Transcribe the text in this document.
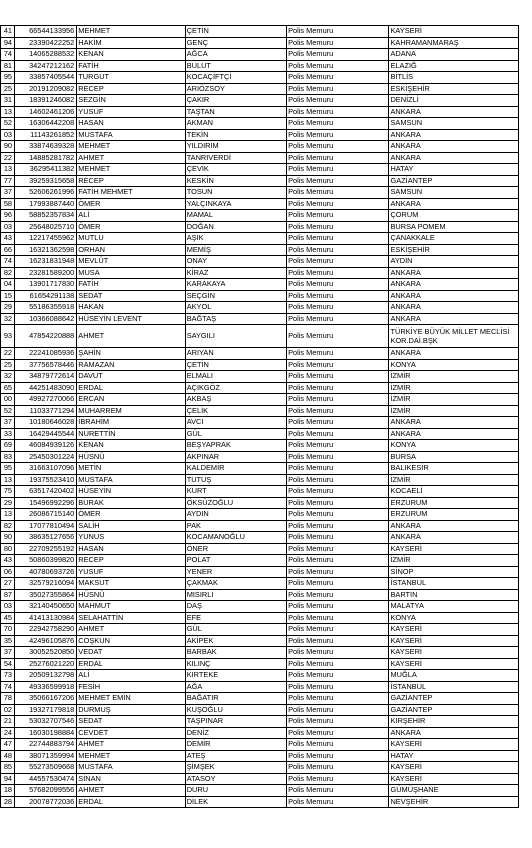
41	66544133956	MEHMET	ÇETİN	Polis Memuru	KAYSERİ
94	23390422252	HAKİM	GENÇ	Polis Memuru	KAHRAMANMARAŞ
74	14065288532	KENAN	AĞCA	Polis Memuru	ADANA
81	34247212162	FATİH	BULUT	Polis Memuru	ELAZIĞ
95	33857405544	TURGUT	KOCAÇİFTÇİ	Polis Memuru	BİTLİS
25	20191209082	RECEP	ARIÖZSOY	Polis Memuru	ESKİŞEHİR
31	18391246082	SEZGİN	ÇAKIR	Polis Memuru	DENİZLİ
13	14602461206	YUSUF	TAŞTAN	Polis Memuru	ANKARA
52	16306442208	HASAN	AKMAN	Polis Memuru	SAMSUN
03	11143261852	MUSTAFA	TEKİN	Polis Memuru	ANKARA
90	33874639328	MEHMET	YILDIRIM	Polis Memuru	ANKARA
22	14885281782	AHMET	TANRIVERDİ	Polis Memuru	ANKARA
13	36295411382	MEHMET	ÇEVİK	Polis Memuru	HATAY
77	39259315658	RECEP	KESKİN	Polis Memuru	GAZİANTEP
37	52606261996	FATİH MEHMET	TOSUN	Polis Memuru	SAMSUN
58	17993887440	ÖMER	YALÇINKAYA	Polis Memuru	ANKARA
96	58852357834	ALİ	MAMAL	Polis Memuru	ÇORUM
03	25648025710	ÖMER	DOĞAN	Polis Memuru	BURSA POMEM
43	12217455962	MUTLU	AŞIK	Polis Memuru	ÇANAKKALE
66	16321362598	ORHAN	MEMİŞ	Polis Memuru	ESKİŞEHİR
74	16231831948	MEVLÜT	ONAY	Polis Memuru	AYDIN
82	23281589200	MUSA	KİRAZ	Polis Memuru	ANKARA
04	13901717830	FATİH	KARAKAYA	Polis Memuru	ANKARA
15	61654291138	SEDAT	SEÇGİN	Polis Memuru	ANKARA
29	55186355918	HAKAN	AKYOL	Polis Memuru	ANKARA
32	10366088642	HÜSEYİN LEVENT	BAĞTAŞ	Polis Memuru	ANKARA
93	47854220888	AHMET	SAYGILI	Polis Memuru	TÜRKİYE BÜYÜK MİLLET MECLİSİ KOR.DAİ.BŞK
22	22241085936	ŞAHİN	ARIYAN	Polis Memuru	ANKARA
25	37756578446	RAMAZAN	ÇETİN	Polis Memuru	KONYA
32	34879772614	DAVUT	ELMALI	Polis Memuru	İZMİR
65	44251483090	ERDAL	AÇIKGÖZ	Polis Memuru	İZMİR
00	49927270066	ERCAN	AKBAŞ	Polis Memuru	İZMİR
52	11033771294	MUHARREM	ÇELİK	Polis Memuru	İZMİR
37	10180646028	İBRAHİM	AVCI	Polis Memuru	ANKARA
33	16429445544	NURETTİN	GÜL	Polis Memuru	ANKARA
69	46084939126	KENAN	BEŞYAPRAK	Polis Memuru	KONYA
83	25450301224	HÜSNÜ	AKPINAR	Polis Memuru	BURSA
95	31663107096	METİN	KALDEMİR	Polis Memuru	BALIKESİR
13	19375523410	MUSTAFA	TUTUŞ	Polis Memuru	İZMİR
75	63517420402	HÜSEYİN	KURT	Polis Memuru	KOCAELİ
29	15496992296	BURAK	ÖKSÜZOĞLU	Polis Memuru	ERZURUM
13	26086715140	ÖMER	AYDIN	Polis Memuru	ERZURUM
82	17077810494	SALİH	PAK	Polis Memuru	ANKARA
90	38635127656	YUNUS	KOCAMANOĞLU	Polis Memuru	ANKARA
80	22709255192	HASAN	ÖNER	Polis Memuru	KAYSERİ
43	50860399820	RECEP	POLAT	Polis Memuru	İZMİR
06	40780693726	YUSUF	YENER	Polis Memuru	SİNOP
27	32579216094	MAKSUT	ÇAKMAK	Polis Memuru	İSTANBUL
87	35027355864	HÜSNÜ	MISIRLI	Polis Memuru	BARTIN
03	32140450650	MAHMUT	DAŞ	Polis Memuru	MALATYA
45	41413130984	SELAHATTİN	EFE	Polis Memuru	KONYA
70	22942758290	AHMET	GÜL	Polis Memuru	KAYSERİ
35	42496105876	COŞKUN	AKİPEK	Polis Memuru	KAYSERİ
37	30052520850	VEDAT	BARBAK	Polis Memuru	KAYSERİ
54	25276021220	ERDAL	KILINÇ	Polis Memuru	KAYSERİ
73	20509132798	ALİ	KIRTEKE	Polis Memuru	MUĞLA
74	49336599918	FESİH	AĞA	Polis Memuru	İSTANBUL
78	35066167206	MEHMET EMİN	BAĞATIR	Polis Memuru	GAZİANTEP
02	19327179818	DURMUŞ	KUŞOĞLU	Polis Memuru	GAZİANTEP
21	53032707546	SEDAT	TAŞPINAR	Polis Memuru	KIRŞEHİR
24	16030198884	CEVDET	DENİZ	Polis Memuru	ANKARA
47	22744883794	AHMET	DEMİR	Polis Memuru	KAYSERİ
48	38071359994	MEHMET	ATEŞ	Polis Memuru	HATAY
85	55273509668	MUSTAFA	ŞİMŞEK	Polis Memuru	KAYSERİ
94	44557530474	SİNAN	ATASOY	Polis Memuru	KAYSERİ
18	57682099556	AHMET	DURU	Polis Memuru	GÜMÜŞHANE
28	20078772036	ERDAL	DİLEK	Polis Memuru	NEVŞEHİR
